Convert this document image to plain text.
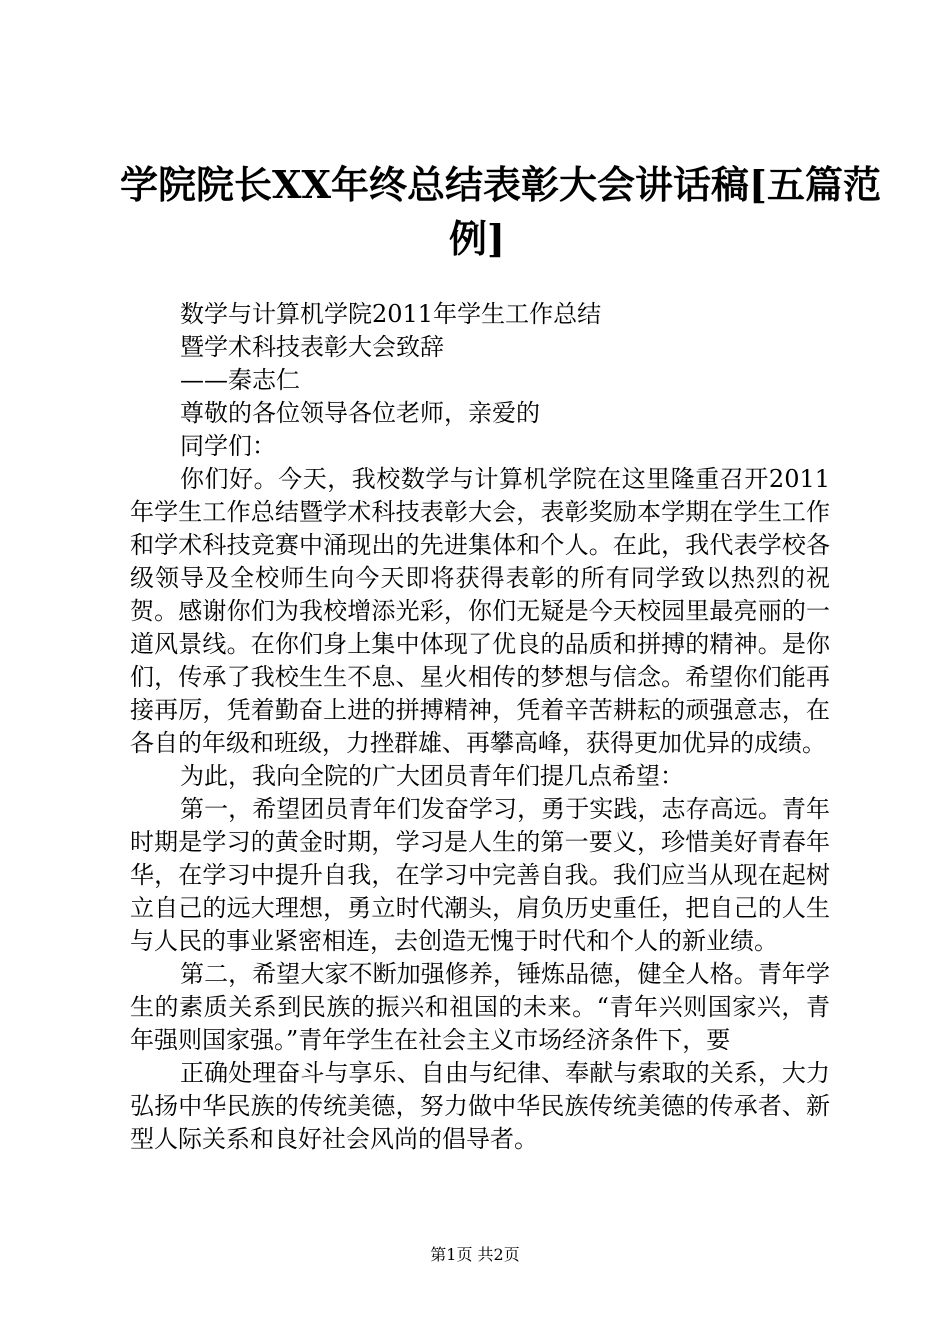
学院院长XX年终总结表彰大会讲话稿[五篇范
例]

数学与计算机学院2011年学生工作总结

暨学术科技表彰大会致辞

——秦志仁

尊敬的各位领导各位老师，亲爱的

同学们：

你们好。今天，我校数学与计算机学院在这里隆重召开2011年学生工作总结暨学术科技表彰大会，表彰奖励本学期在学生工作和学术科技竞赛中涌现出的先进集体和个人。在此，我代表学校各级领导及全校师生向今天即将获得表彰的所有同学致以热烈的祝贺。感谢你们为我校增添光彩，你们无疑是今天校园里最亮丽的一道风景线。在你们身上集中体现了优良的品质和拼搏的精神。是你们，传承了我校生生不息、星火相传的梦想与信念。希望你们能再接再厉，凭着勤奋上进的拼搏精神，凭着辛苦耕耘的顽强意志，在各自的年级和班级，力挫群雄、再攀高峰，获得更加优异的成绩。

为此，我向全院的广大团员青年们提几点希望：

第一，希望团员青年们发奋学习，勇于实践，志存高远。青年时期是学习的黄金时期，学习是人生的第一要义，珍惜美好青春年华，在学习中提升自我，在学习中完善自我。我们应当从现在起树立自己的远大理想，勇立时代潮头，肩负历史重任，把自己的人生与人民的事业紧密相连，去创造无愧于时代和个人的新业绩。

第二，希望大家不断加强修养，锤炼品德，健全人格。青年学生的素质关系到民族的振兴和祖国的未来。“青年兴则国家兴，青年强则国家强。”青年学生在社会主义市场经济条件下，要

正确处理奋斗与享乐、自由与纪律、奉献与索取的关系，大力弘扬中华民族的传统美德，努力做中华民族传统美德的传承者、新型人际关系和良好社会风尚的倡导者。

第1页 共2页
